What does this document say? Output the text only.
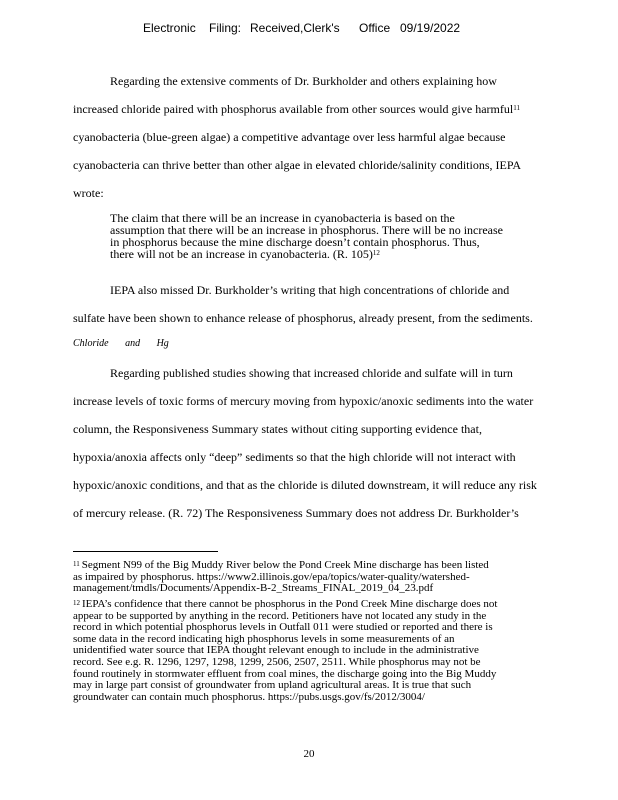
Electronic Filing: Received,Clerk's Office 09/19/2022
Regarding the extensive comments of Dr. Burkholder and others explaining how
increased chloride paired with phosphorus available from other sources would give harmful$^{11}$
cyanobacteria (blue-green algae) a competitive advantage over less harmful algae because
cyanobacteria can thrive better than other algae in elevated chloride/salinity conditions, IEPA
wrote:
The claim that there will be an increase in cyanobacteria is based on the
assumption that there will be an increase in phosphorus. There will be no increase
in phosphorus because the mine discharge doesn’t contain phosphorus. Thus,
there will not be an increase in cyanobacteria. (R. 105)$^{12}$
IEPA also missed Dr. Burkholder’s writing that high concentrations of chloride and
sulfate have been shown to enhance release of phosphorus, already present, from the sediments.
Chloride and Hg
Regarding published studies showing that increased chloride and sulfate will in turn
increase levels of toxic forms of mercury moving from hypoxic/anoxic sediments into the water
column, the Responsiveness Summary states without citing supporting evidence that,
hypoxia/anoxia affects only “deep” sediments so that the high chloride will not interact with
hypoxic/anoxic conditions, and that as the chloride is diluted downstream, it will reduce any risk
of mercury release. (R. 72) The Responsiveness Summary does not address Dr. Burkholder’s
$^{11}$ Segment N99 of the Big Muddy River below the Pond Creek Mine discharge has been listed
as impaired by phosphorus. https://www2.illinois.gov/epa/topics/water-quality/watershed-
management/tmdls/Documents/Appendix-B-2_Streams_FINAL_2019_04_23.pdf
$^{12}$ IEPA’s confidence that there cannot be phosphorus in the Pond Creek Mine discharge does not
appear to be supported by anything in the record. Petitioners have not located any study in the
record in which potential phosphorus levels in Outfall 011 were studied or reported and there is
some data in the record indicating high phosphorus levels in some measurements of an
unidentified water source that IEPA thought relevant enough to include in the administrative
record. See e.g. R. 1296, 1297, 1298, 1299, 2506, 2507, 2511. While phosphorus may not be
found routinely in stormwater effluent from coal mines, the discharge going into the Big Muddy
may in large part consist of groundwater from upland agricultural areas. It is true that such
groundwater can contain much phosphorus. https://pubs.usgs.gov/fs/2012/3004/
20
